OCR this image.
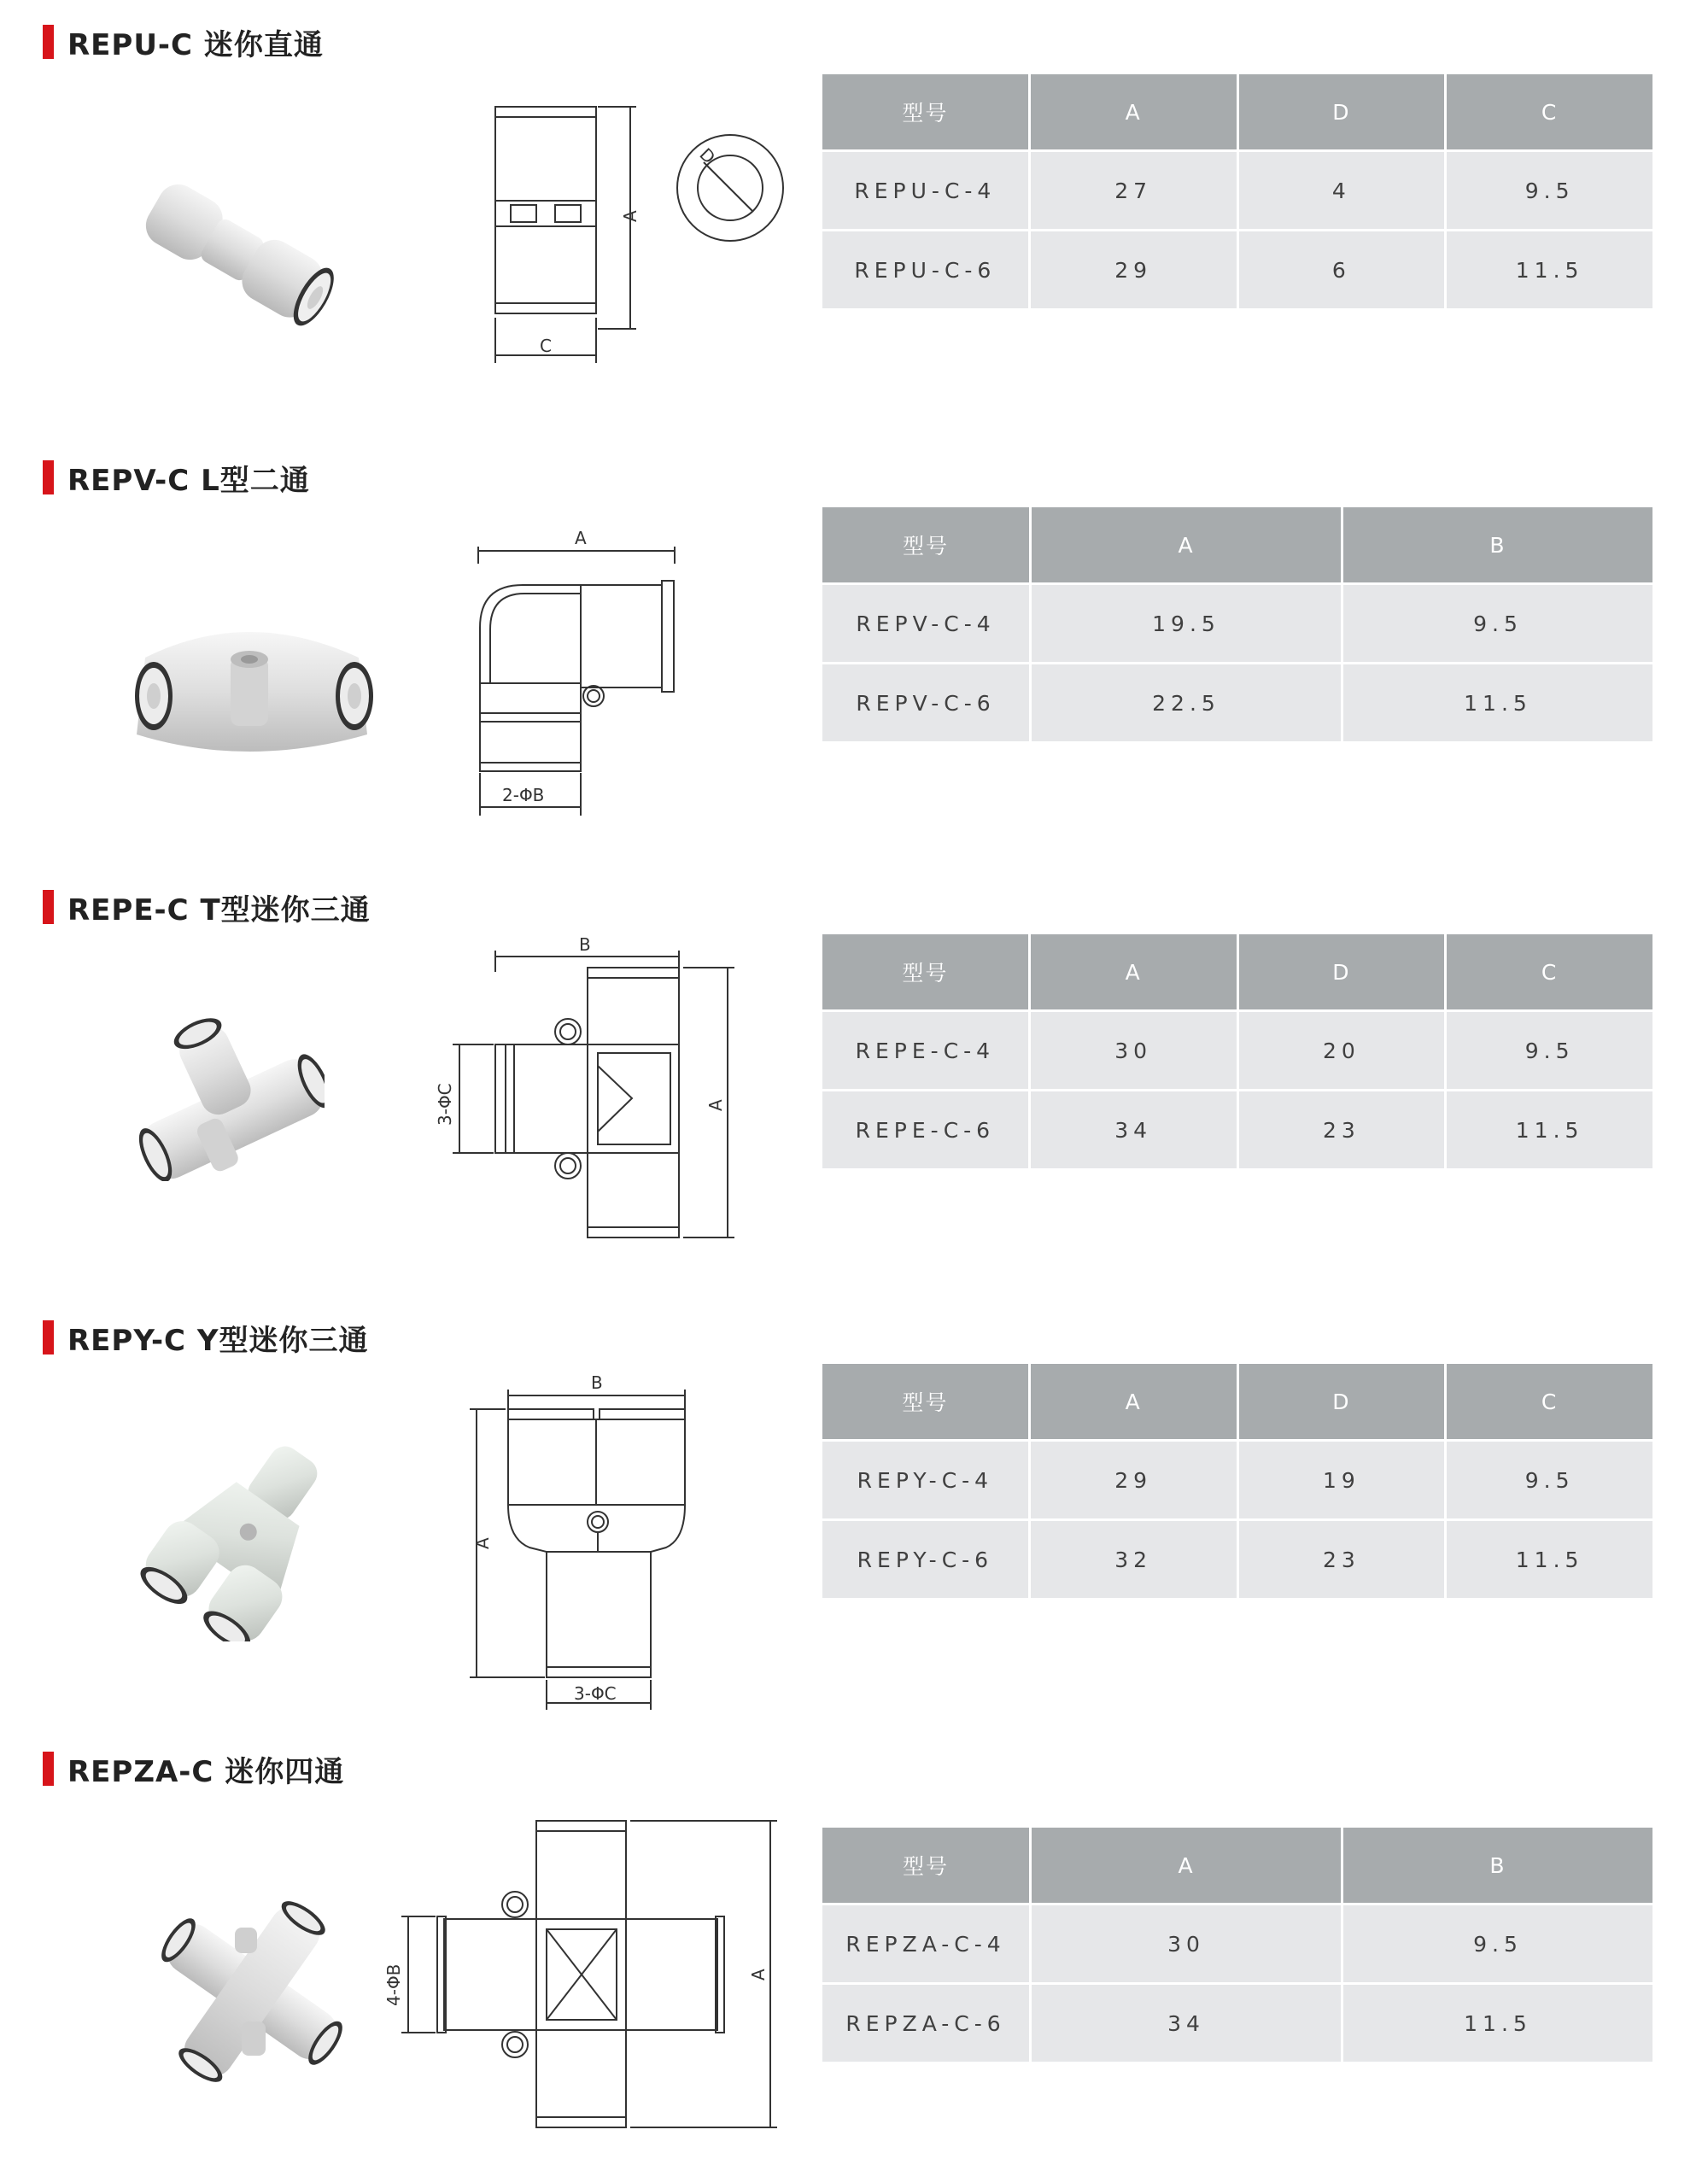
REPU-C 迷你直通
A
C
D
型号	A	D	C
REPU-C-4	27	4	9.5
REPU-C-6	29	6	11.5
REPV-C L型二通
A
2-ΦB
型号	A	B
REPV-C-4	19.5	9.5
REPV-C-6	22.5	11.5
REPE-C T型迷你三通
B
A
3-ΦC
型号	A	D	C
REPE-C-4	30	20	9.5
REPE-C-6	34	23	11.5
REPY-C Y型迷你三通
B
A
3-ΦC
型号	A	D	C
REPY-C-4	29	19	9.5
REPY-C-6	32	23	11.5
REPZA-C 迷你四通
4-ΦB	A
型号	A	B
REPZA-C-4	30	9.5
REPZA-C-6	34	11.5
